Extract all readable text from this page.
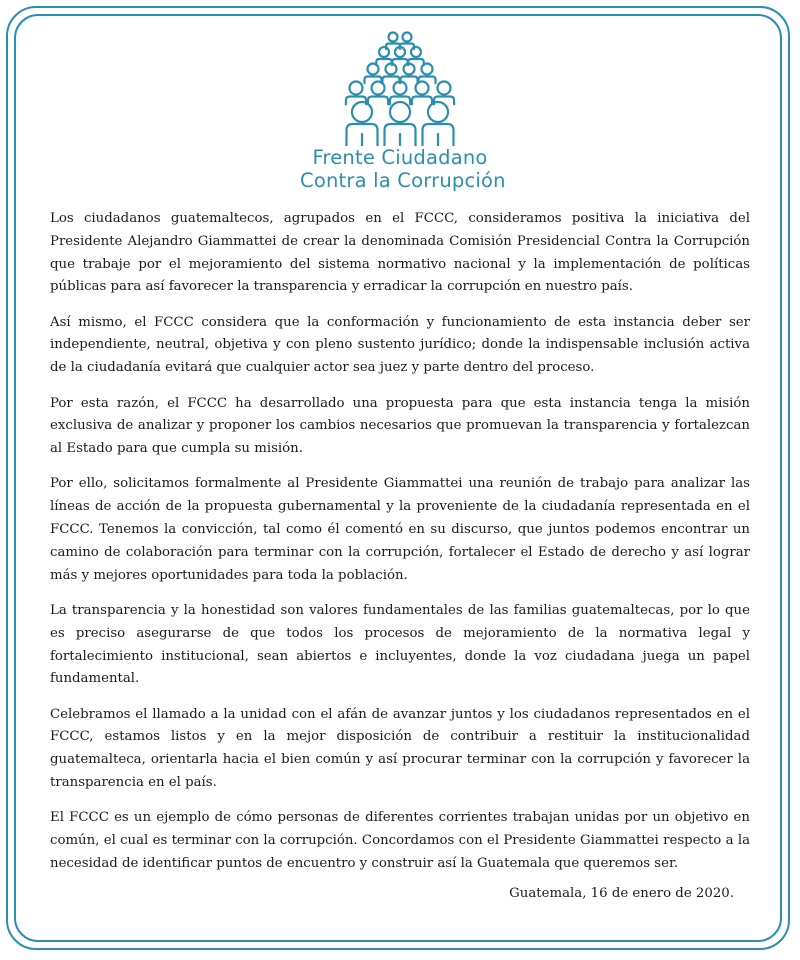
Frente Ciudadano
Contra la Corrupción

Los ciudadanos guatemaltecos, agrupados en el FCCC, consideramos positiva la iniciativa del Presidente Alejandro Giammattei de crear la denominada Comisión Presidencial Contra la Corrupción que trabaje por el mejoramiento del sistema normativo nacional y la implementación de políticas públicas para así favorecer la transparencia y erradicar la corrupción en nuestro país.

Así mismo, el FCCC considera que la conformación y funcionamiento de esta instancia deber ser independiente, neutral, objetiva y con pleno sustento jurídico; donde la indispensable inclusión activa de la ciudadanía evitará que cualquier actor sea juez y parte dentro del proceso.

Por esta razón, el FCCC ha desarrollado una propuesta para que esta instancia tenga la misión exclusiva de analizar y proponer los cambios necesarios que promuevan la transparencia y fortalezcan al Estado para que cumpla su misión.

Por ello, solicitamos formalmente al Presidente Giammattei una reunión de trabajo para analizar las líneas de acción de la propuesta gubernamental y la proveniente de la ciudadanía representada en el FCCC. Tenemos la convicción, tal como él comentó en su discurso, que juntos podemos encontrar un camino de colaboración para terminar con la corrupción, fortalecer el Estado de derecho y así lograr más y mejores oportunidades para toda la población.

La transparencia y la honestidad son valores fundamentales de las familias guatemaltecas, por lo que es preciso asegurarse de que todos los procesos de mejoramiento de la normativa legal y fortalecimiento institucional, sean abiertos e incluyentes, donde la voz ciudadana juega un papel fundamental.

Celebramos el llamado a la unidad con el afán de avanzar juntos y los ciudadanos representados en el FCCC, estamos listos y en la mejor disposición de contribuir a restituir la institucionalidad guatemalteca, orientarla hacia el bien común y así procurar terminar con la corrupción y favorecer la transparencia en el país.

El FCCC es un ejemplo de cómo personas de diferentes corrientes trabajan unidas por un objetivo en común, el cual es terminar con la corrupción. Concordamos con el Presidente Giammattei respecto a la necesidad de identificar puntos de encuentro y construir así la Guatemala que queremos ser.

Guatemala, 16 de enero de 2020.
